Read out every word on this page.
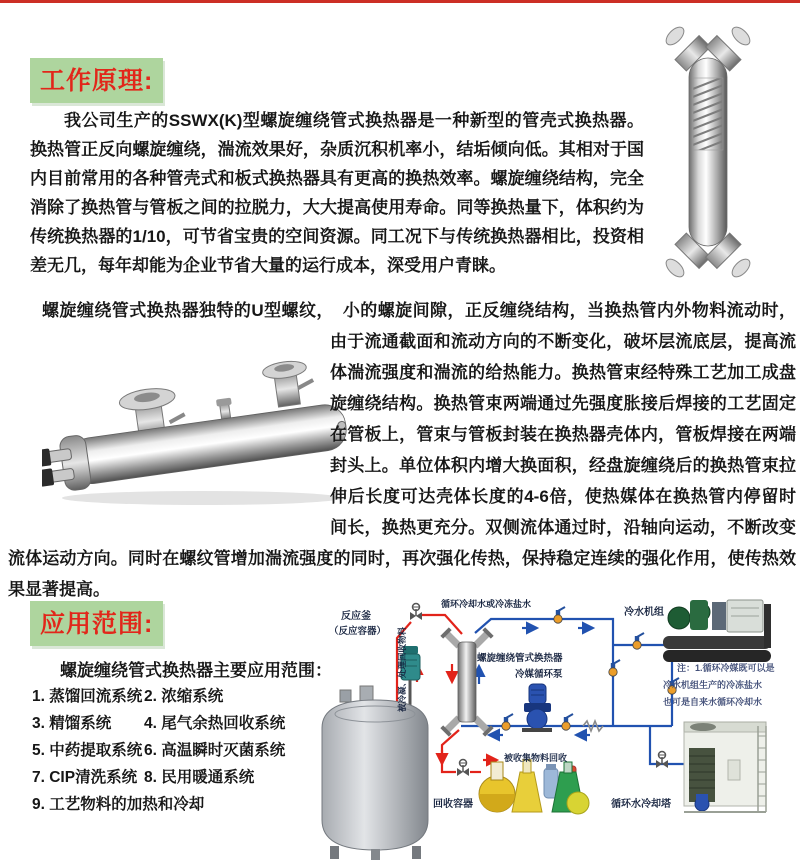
工作原理:

我公司生产的SSWX(K)型螺旋缠绕管式换热器是一种新型的管壳式换热器。换热管正反向螺旋缠绕，湍流效果好，杂质沉积机率小，结垢倾向低。其相对于国内目前常用的各种管壳式和板式换热器具有更高的换热效率。螺旋缠绕结构，完全消除了换热管与管板之间的拉脱力，大大提高使用寿命。同等换热量下，体积约为传统换热器的1/10，可节省宝贵的空间资源。同工况下与传统换热器相比，投资相差无几，每年却能为企业节省大量的运行成本，深受用户青睐。

螺旋缠绕管式换热器独特的U型螺纹，　小的螺旋间隙，正反缠绕结构，当换热管内外物料流动时，
由于流通截面和流动方向的不断变化，破坏层流底层，提高流体湍流强度和湍流的给热能力。换热管束经特殊工艺加工成盘旋缠绕结构。换热管束两端通过先强度胀接后焊接的工艺固定在管板上，管束与管板封装在换热器壳体内，管板焊接在两端封头上。单位体积内增大换面积，经盘旋缠绕后的换热管束拉伸后长度可达壳体长度的4-6倍，使热媒体在换热管内停留时间长，换热更充分。双侧流体通过时，沿轴向运动，不断改变流体运动方向。同时在螺纹管增加湍流强度的同时，再次强化传热，保持稳定连续的强化作用，使传热效果显著提高。
应用范围:
螺旋缠绕管式换热器主要应用范围：
1. 蒸馏回流系统 2. 浓缩系统
3. 精馏系统	4. 尾气余热回收系统
5. 中药提取系统 6. 高温瞬时灭菌系统
7. CIP清洗系统 8. 民用暖通系统
9. 工艺物料的加热和冷却
反应釜
（反应容器） 被冷凝、处理回收物料
循环冷却水或冷冻盐水
冷水机组
螺旋缠绕管式换热器
冷媒循环泵
注：1.循环冷媒既可以是
冷水机组生产的冷冻盐水
也可是自来水循环冷却水
被收集物料回收
回收容器	循环水冷却塔
